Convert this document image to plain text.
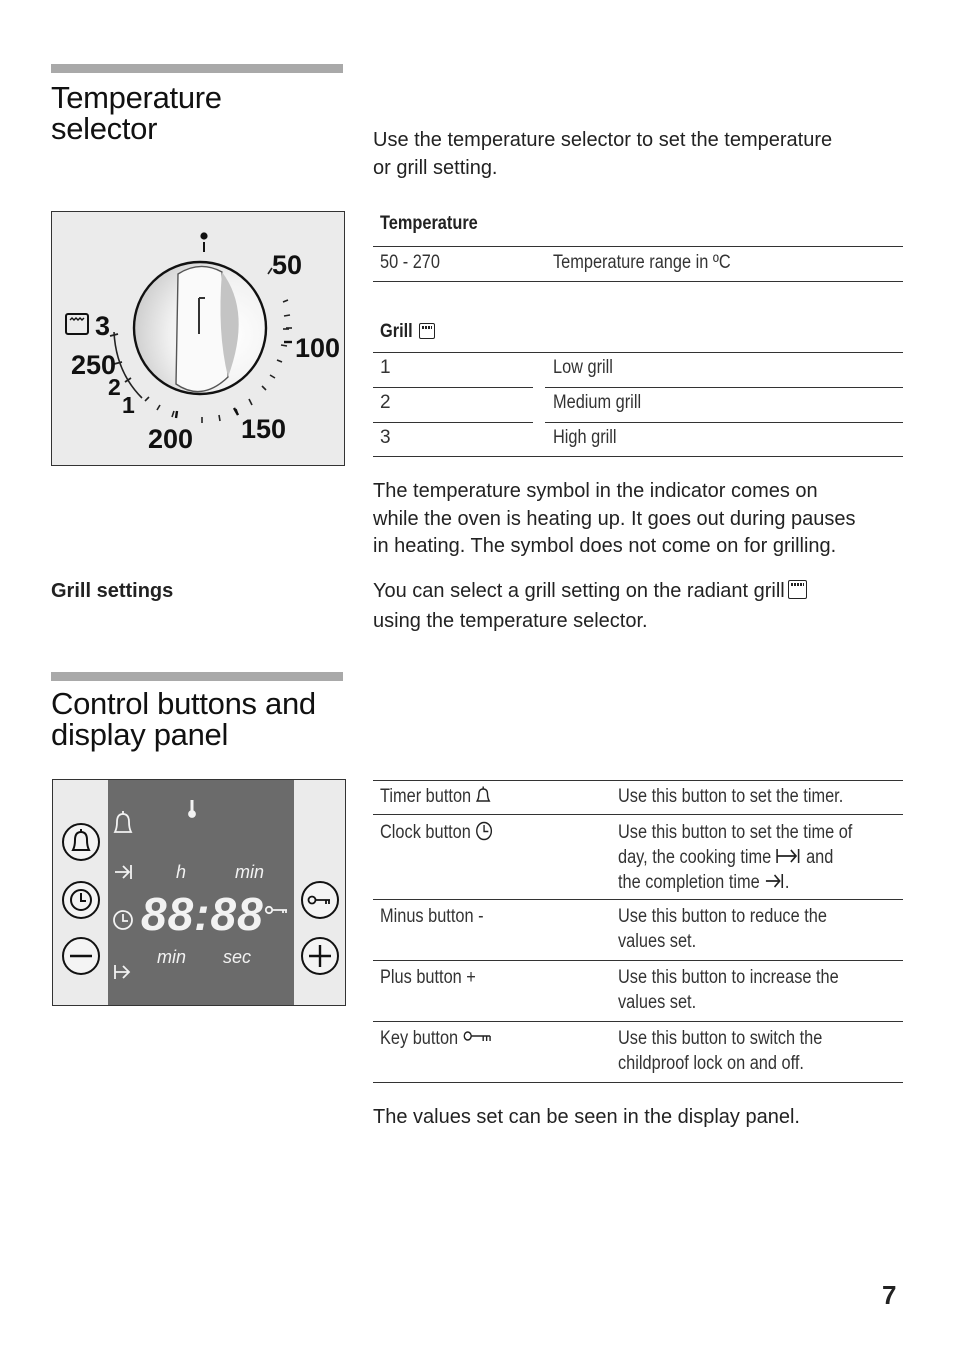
Temperature
selector	Use the temperature selector to set the temperature
or grill setting.
50
100
150
200
250
3
2
1
Temperature
50 - 270	Temperature range in ºC
Grill
1	Low grill
2	Medium grill
3	High grill
The temperature symbol in the indicator comes on
while the oven is heating up. It goes out during pauses
in heating. The symbol does not come on for grilling.
Grill settings	You can select a grill setting on the radiant grill
using the temperature selector.
Control buttons and
display panel
h	min
min sec
88:88
Timer button	Use this button to set the timer.
Clock button	Use this button to set the time of
day, the cooking time and
the completion time .
Minus button -	Use this button to reduce the
values set.
Plus button +	Use this button to increase the
values set.
Key button	Use this button to switch the
childproof lock on and off.
The values set can be seen in the display panel.
7
